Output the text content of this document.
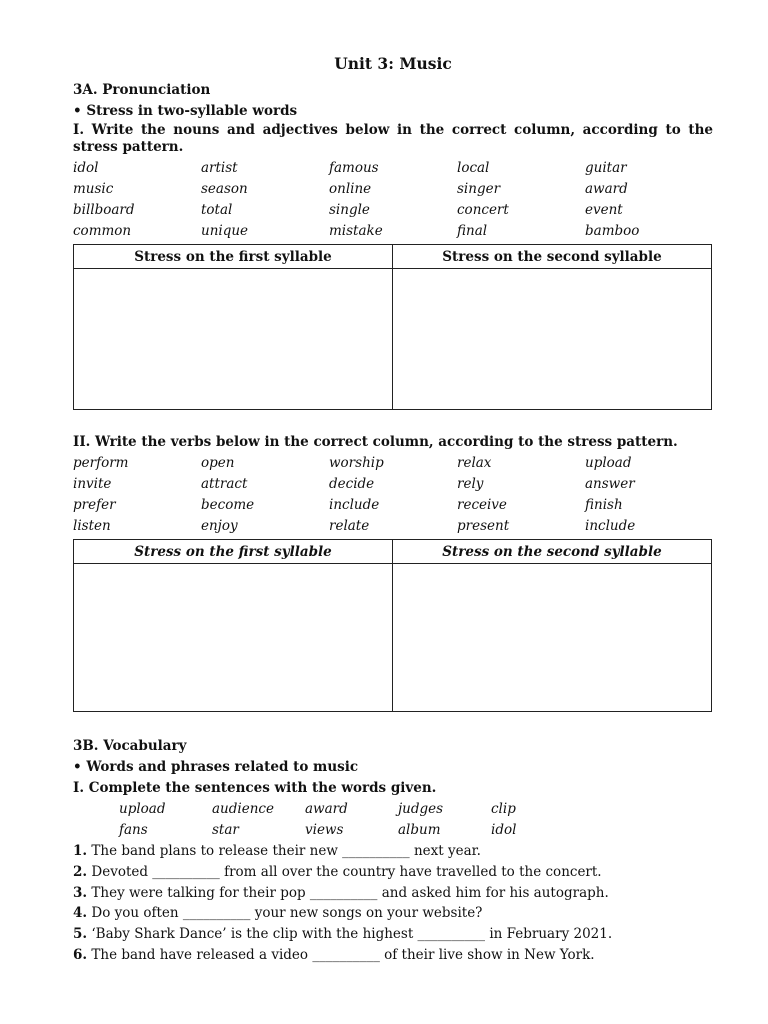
Unit 3: Music
3A. Pronunciation
• Stress in two-syllable words
I. Write the nouns and adjectives below in the correct column, according to the stress pattern.
idol	artist	famous	local	guitar
music	season	online	singer	award
billboard	total	single	concert	event
common	unique	mistake	final	bamboo
Stress on the first syllable	Stress on the second syllable

II. Write the verbs below in the correct column, according to the stress pattern.
perform	open	worship	relax	upload
invite	attract	decide	rely	answer
prefer	become	include	receive	finish
listen	enjoy	relate	present	include
Stress on the first syllable	Stress on the second syllable

3B. Vocabulary
• Words and phrases related to music
I. Complete the sentences with the words given.
upload	audience	award	judges	clip
fans	star	views	album	idol

1. The band plans to release their new __________ next year.

2. Devoted __________ from all over the country have travelled to the concert.

3. They were talking for their pop __________ and asked him for his autograph.

4. Do you often __________ your new songs on your website?

5. ‘Baby Shark Dance’ is the clip with the highest __________ in February 2021.

6. The band have released a video __________ of their live show in New York.
